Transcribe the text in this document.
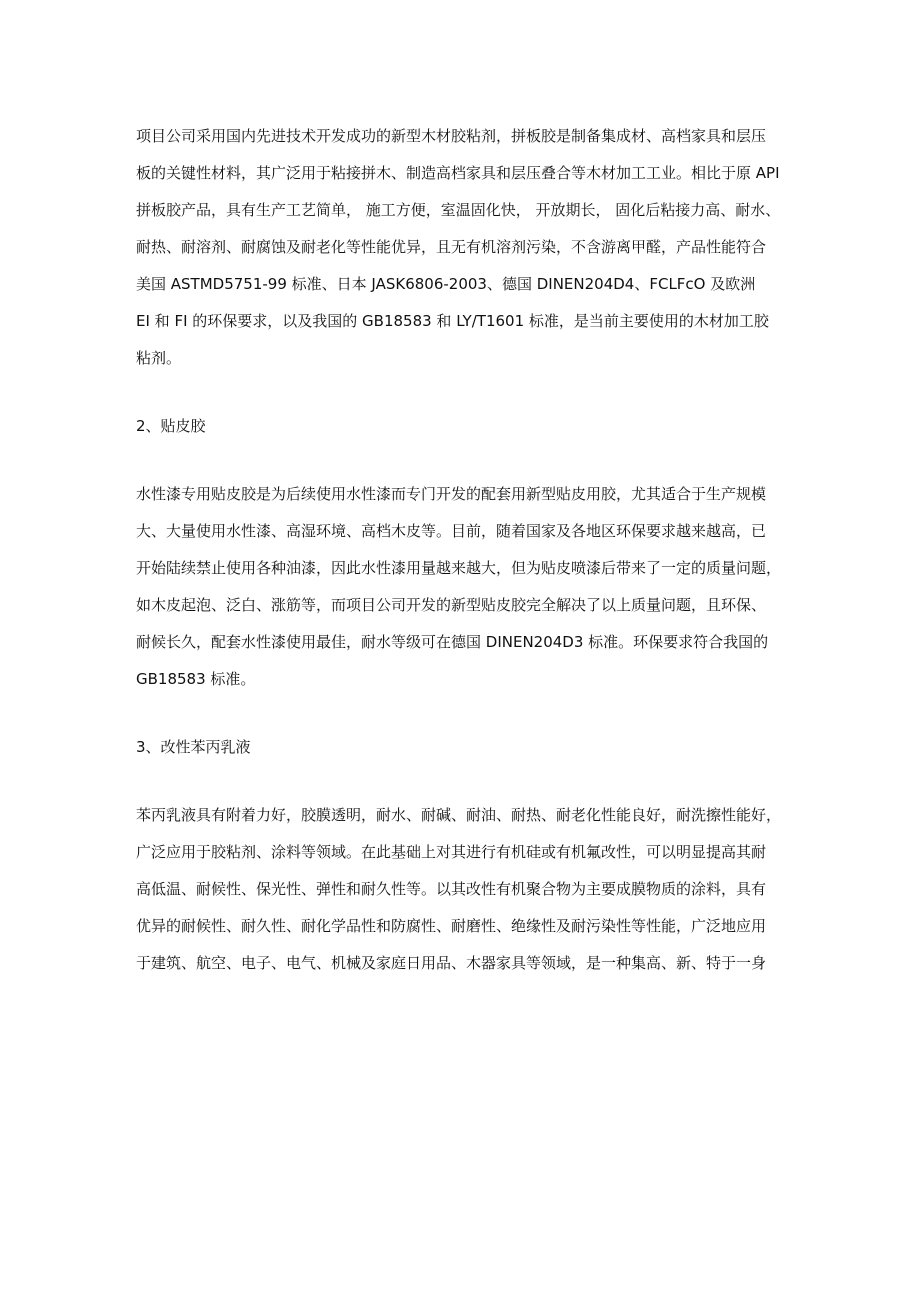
项目公司采用国内先进技术开发成功的新型木材胶粘剂，拼板胶是制备集成材、高档家具和层压
板的关键性材料，其广泛用于粘接拼木、制造高档家具和层压叠合等木材加工工业。相比于原 API
拼板胶产品，具有生产工艺简单， 施工方便，室温固化快， 开放期长， 固化后粘接力高、耐水、
耐热、耐溶剂、耐腐蚀及耐老化等性能优异，且无有机溶剂污染，不含游离甲醛，产品性能符合
美国 ASTMD5751-99 标准、日本 JASK6806-2003、德国 DINEN204D4、FCLFcO 及欧洲
EI 和 FI 的环保要求，以及我国的 GB18583 和 LY/T1601 标准，是当前主要使用的木材加工胶
粘剂。
2、贴皮胶
水性漆专用贴皮胶是为后续使用水性漆而专门开发的配套用新型贴皮用胶，尤其适合于生产规模
大、大量使用水性漆、高湿环境、高档木皮等。目前，随着国家及各地区环保要求越来越高，已
开始陆续禁止使用各种油漆，因此水性漆用量越来越大，但为贴皮喷漆后带来了一定的质量问题，
如木皮起泡、泛白、涨筋等，而项目公司开发的新型贴皮胶完全解决了以上质量问题，且环保、
耐候长久，配套水性漆使用最佳，耐水等级可在德国 DINEN204D3 标准。环保要求符合我国的
GB18583 标准。
3、改性苯丙乳液
苯丙乳液具有附着力好，胶膜透明，耐水、耐碱、耐油、耐热、耐老化性能良好，耐洗擦性能好，
广泛应用于胶粘剂、涂料等领域。在此基础上对其进行有机硅或有机氟改性，可以明显提高其耐
高低温、耐候性、保光性、弹性和耐久性等。以其改性有机聚合物为主要成膜物质的涂料，具有
优异的耐候性、耐久性、耐化学品性和防腐性、耐磨性、绝缘性及耐污染性等性能，广泛地应用
于建筑、航空、电子、电气、机械及家庭日用品、木器家具等领域，是一种集高、新、特于一身
